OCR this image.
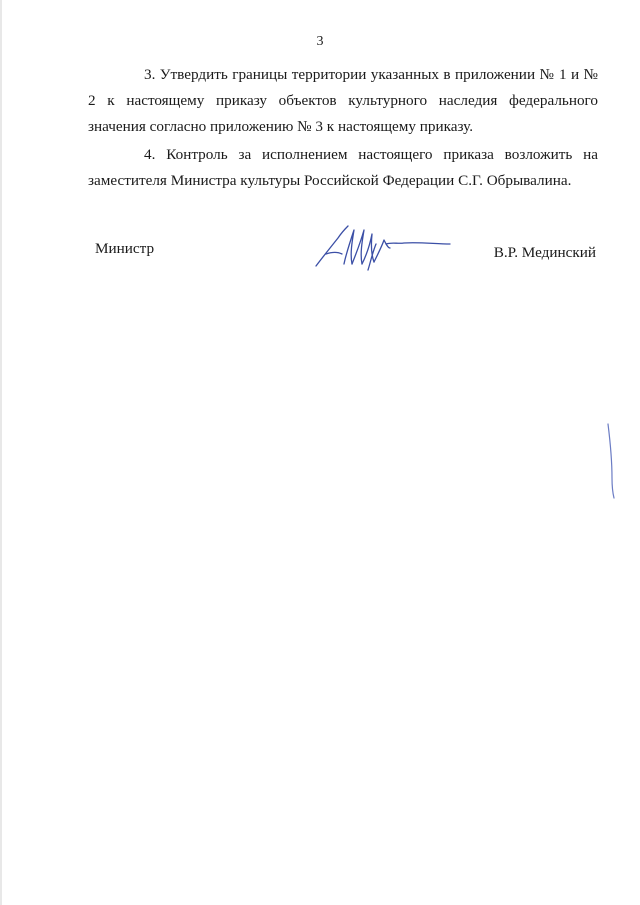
3

3. Утвердить границы территории указанных в приложении № 1 и № 2 к настоящему приказу объектов культурного наследия федерального значения согласно приложению № 3 к настоящему приказу.

4. Контроль за исполнением настоящего приказа возложить на заместителя Министра культуры Российской Федерации С.Г. Обрывалина.

Министр	В.Р. Мединский
